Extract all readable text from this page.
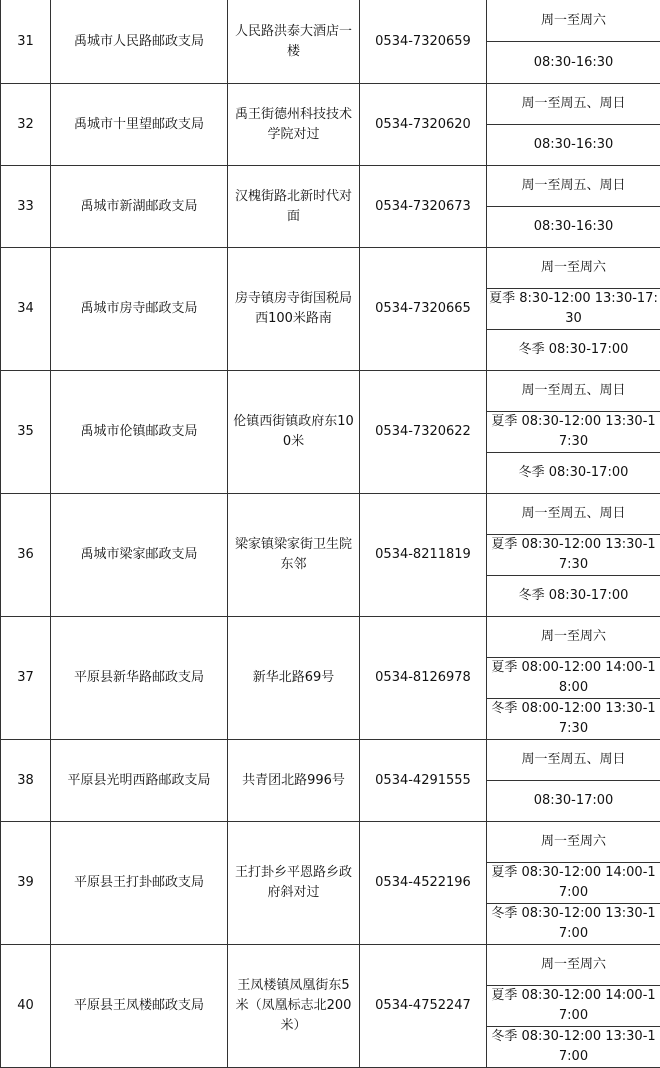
31	禹城市人民路邮政支局	人民路洪泰大酒店一楼	0534-7320659	周一至周六
				08:30-16:30
32	禹城市十里望邮政支局	禹王街德州科技技术学院对过	0534-7320620	周一至周五、周日
				08:30-16:30
33	禹城市新湖邮政支局	汉槐街路北新时代对面	0534-7320673	周一至周五、周日
				08:30-16:30
34	禹城市房寺邮政支局	房寺镇房寺街国税局西100米路南	0534-7320665	周一至周六
				夏季 8:30-12:00 13:30-17:30
				冬季 08:30-17:00
35	禹城市伦镇邮政支局	伦镇西街镇政府东100米	0534-7320622	周一至周五、周日
				夏季 08:30-12:00 13:30-17:30
				冬季 08:30-17:00
36	禹城市梁家邮政支局	梁家镇梁家街卫生院东邻	0534-8211819	周一至周五、周日
				夏季 08:30-12:00 13:30-17:30
				冬季 08:30-17:00
37	平原县新华路邮政支局	新华北路69号	0534-8126978	周一至周六
				夏季 08:00-12:00 14:00-18:00
				冬季 08:00-12:00 13:30-17:30
38	平原县光明西路邮政支局	共青团北路996号	0534-4291555	周一至周五、周日
				08:30-17:00
39	平原县王打卦邮政支局	王打卦乡平恩路乡政府斜对过	0534-4522196	周一至周六
				夏季 08:30-12:00 14:00-17:00
				冬季 08:30-12:00 13:30-17:00
40	平原县王凤楼邮政支局	王凤楼镇凤凰街东5米（凤凰标志北200米）	0534-4752247	周一至周六
				夏季 08:30-12:00 14:00-17:00
				冬季 08:30-12:00 13:30-17:00
